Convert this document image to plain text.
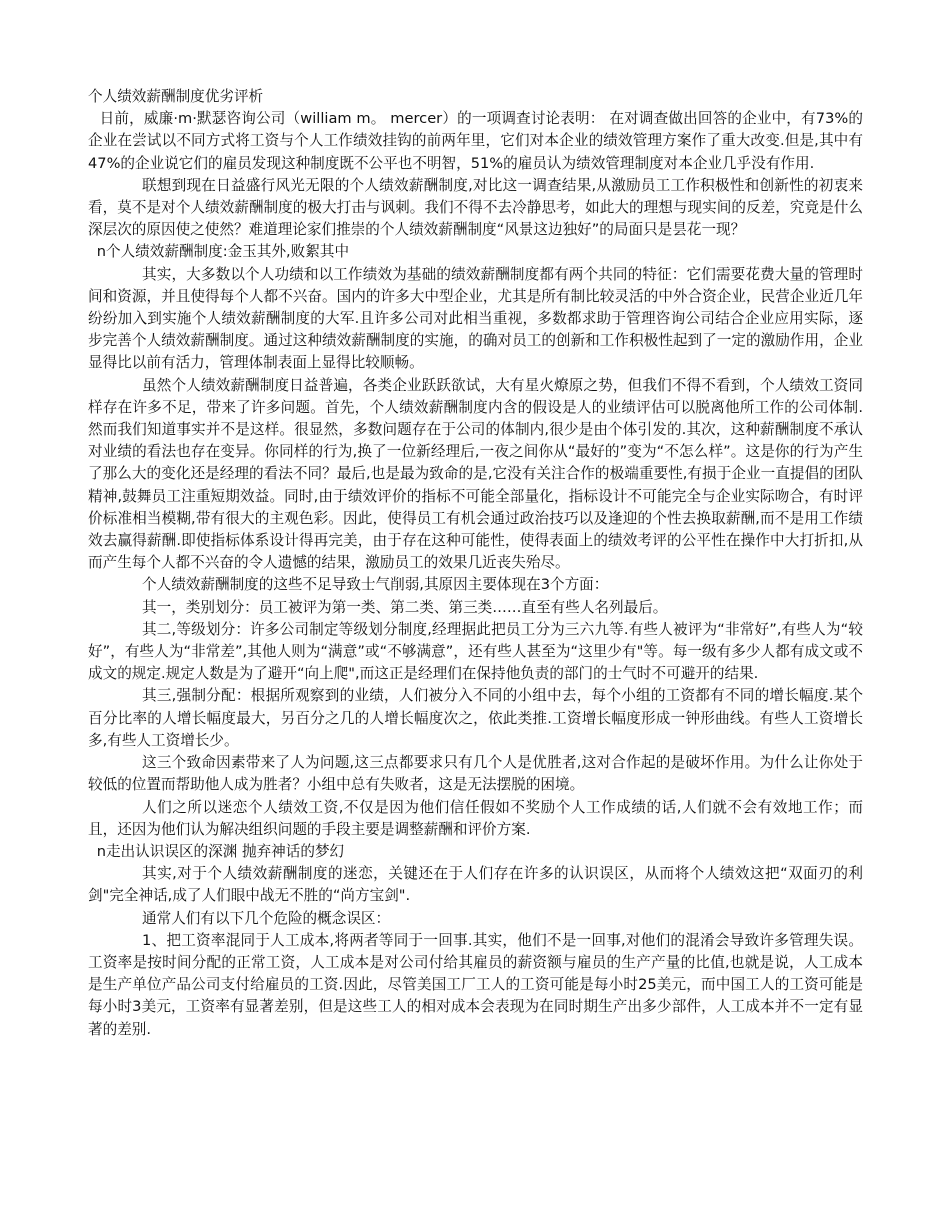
个人绩效薪酬制度优劣评析

日前，威廉·m·默瑟咨询公司（william m。 mercer）的一项调查讨论表明： 在对调查做出回答的企业中，有73%的企业在尝试以不同方式将工资与个人工作绩效挂钩的前两年里，它们对本企业的绩效管理方案作了重大改变.但是,其中有47%的企业说它们的雇员发现这种制度既不公平也不明智，51%的雇员认为绩效管理制度对本企业几乎没有作用.

联想到现在日益盛行风光无限的个人绩效薪酬制度,对比这一调查结果,从激励员工工作积极性和创新性的初衷来看，莫不是对个人绩效薪酬制度的极大打击与讽刺。我们不得不去冷静思考，如此大的理想与现实间的反差，究竟是什么深层次的原因使之使然？难道理论家们推崇的个人绩效薪酬制度“风景这边独好”的局面只是昙花一现？

n个人绩效薪酬制度:金玉其外,败絮其中

其实，大多数以个人功绩和以工作绩效为基础的绩效薪酬制度都有两个共同的特征：它们需要花费大量的管理时间和资源，并且使得每个人都不兴奋。国内的许多大中型企业，尤其是所有制比较灵活的中外合资企业，民营企业近几年纷纷加入到实施个人绩效薪酬制度的大军.且许多公司对此相当重视，多数都求助于管理咨询公司结合企业应用实际，逐步完善个人绩效薪酬制度。通过这种绩效薪酬制度的实施，的确对员工的创新和工作积极性起到了一定的激励作用，企业显得比以前有活力，管理体制表面上显得比较顺畅。

虽然个人绩效薪酬制度日益普遍，各类企业跃跃欲试，大有星火燎原之势，但我们不得不看到，个人绩效工资同样存在许多不足，带来了许多问题。首先，个人绩效薪酬制度内含的假设是人的业绩评估可以脱离他所工作的公司体制.然而我们知道事实并不是这样。很显然，多数问题存在于公司的体制内,很少是由个体引发的.其次，这种薪酬制度不承认对业绩的看法也存在变异。你同样的行为,换了一位新经理后,一夜之间你从“最好的”变为“不怎么样”。这是你的行为产生了那么大的变化还是经理的看法不同？最后,也是最为致命的是,它没有关注合作的极端重要性,有损于企业一直提倡的团队精神,鼓舞员工注重短期效益。同时,由于绩效评价的指标不可能全部量化，指标设计不可能完全与企业实际吻合，有时评价标准相当模糊,带有很大的主观色彩。因此，使得员工有机会通过政治技巧以及逢迎的个性去换取薪酬,而不是用工作绩效去赢得薪酬.即使指标体系设计得再完美，由于存在这种可能性，使得表面上的绩效考评的公平性在操作中大打折扣,从而产生每个人都不兴奋的令人遗憾的结果，激励员工的效果几近丧失殆尽。

个人绩效薪酬制度的这些不足导致士气削弱,其原因主要体现在3个方面：

其一，类别划分：员工被评为第一类、第二类、第三类……直至有些人名列最后。

其二,等级划分：许多公司制定等级划分制度,经理据此把员工分为三六九等.有些人被评为“非常好”,有些人为“较好”，有些人为“非常差”,其他人则为“满意”或“不够满意”，还有些人甚至为“这里少有"等。每一级有多少人都有成文或不成文的规定.规定人数是为了避开“向上爬",而这正是经理们在保持他负责的部门的士气时不可避开的结果.

其三,强制分配：根据所观察到的业绩，人们被分入不同的小组中去，每个小组的工资都有不同的增长幅度.某个百分比率的人增长幅度最大，另百分之几的人增长幅度次之，依此类推.工资增长幅度形成一钟形曲线。有些人工资增长多,有些人工资增长少。

这三个致命因素带来了人为问题,这三点都要求只有几个人是优胜者,这对合作起的是破坏作用。为什么让你处于较低的位置而帮助他人成为胜者？小组中总有失败者，这是无法摆脱的困境。

人们之所以迷恋个人绩效工资,不仅是因为他们信任假如不奖励个人工作成绩的话,人们就不会有效地工作；而且，还因为他们认为解决组织问题的手段主要是调整薪酬和评价方案.

n走出认识误区的深渊 抛弃神话的梦幻

其实,对于个人绩效薪酬制度的迷恋，关键还在于人们存在许多的认识误区，从而将个人绩效这把“双面刃的利剑"完全神话,成了人们眼中战无不胜的“尚方宝剑".

通常人们有以下几个危险的概念误区：

1、把工资率混同于人工成本,将两者等同于一回事.其实，他们不是一回事,对他们的混淆会导致许多管理失误。工资率是按时间分配的正常工资，人工成本是对公司付给其雇员的薪资额与雇员的生产产量的比值,也就是说，人工成本是生产单位产品公司支付给雇员的工资.因此，尽管美国工厂工人的工资可能是每小时25美元，而中国工人的工资可能是每小时3美元，工资率有显著差别，但是这些工人的相对成本会表现为在同时期生产出多少部件，人工成本并不一定有显著的差别.
